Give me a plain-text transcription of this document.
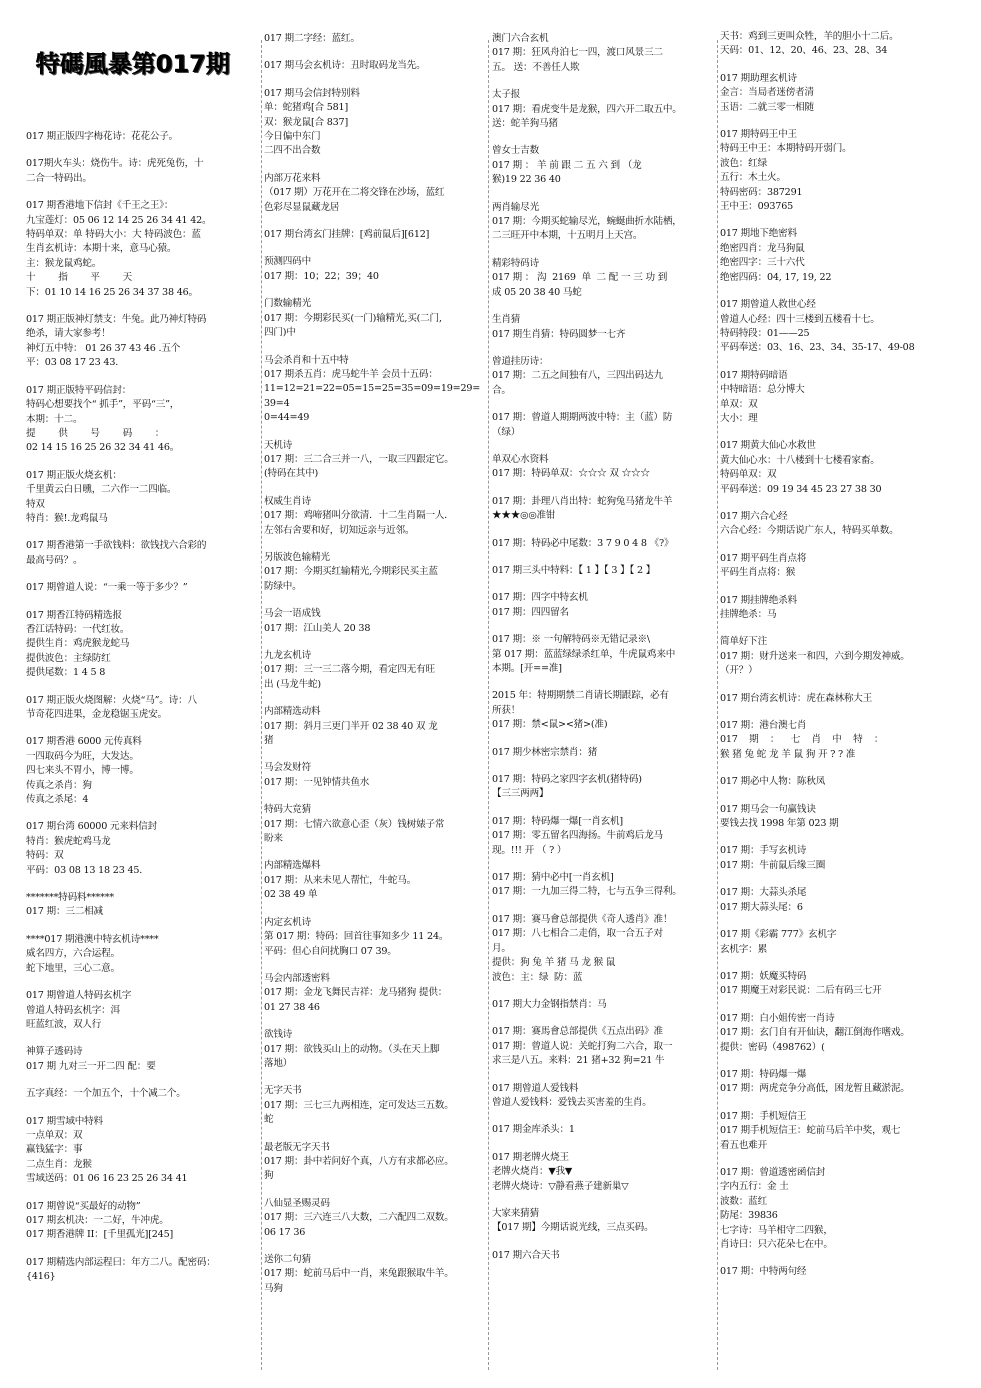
特碼風暴第017期
017 期正版四字梅花诗：花花公子。
017期火车头：烧伤牛。诗：虎死兔伤，十
二合一特码出。
017 期香港地下信封《千王之王》：
九宝莲灯：05 06 12 14 25 26 34 41 42。
特码单双：单 特码大小：大 特码波色：蓝
生肖玄机诗：本期十来，意马心猿。
主：猴龙鼠鸡蛇。
十        指        平        天
下：01 10 14 16 25 26 34 37 38 46。
017 期正版神灯禁支：牛兔。此乃神灯特码
绝杀，请大家参考！
神灯五中特： 01 26 37 43 46 .五个
平：03 08 17 23 43.
017 期正版特平码信封：
特码心想要找个“ 抓手”，平码“三”，
本期：十二。
提        供        号        码        ：
02 14 15 16 25 26 32 34 41 46。
017 期正版火烧玄机：
千里黄云白日曛，二六作一二四临。
特双
特肖：猴!.龙鸡鼠马
017 期香港第一手欲钱料：欲钱找六合彩的
最高号码？。
017 期曾道人说：“一乘一等于多少？”
017 期香江特码精选报
香江话特码：一代红妆。
提供生肖：鸡虎猴龙蛇马
提供波色：主绿防红
提供尾数：1 4 5 8
017 期正版火烧图解：火烧“马”。诗：八
节奇花四进果，金龙稳锯玉虎安。
017 期香港 6000 元传真料
一四取码今为旺，大发达。
四七来头不胃小，博一博。
传真之杀肖：狗
传真之杀尾：4
017 期台湾 60000 元来料信封
特肖：猴虎蛇鸡马龙
特码：双
平码：03 08 13 18 23 45.
*******特码料******
017 期：三二相减
****017 期港澳中特玄机诗****
威名四方，六合运程。
蛇下地里，三心二意。
017 期曾道人特码玄机字
曾道人特码玄机字：洱
旺蓝红波，双人行
神算子透码诗
017 期 九对三一开二四 配：要
五字真经：一个加五个，十个减二个。
017 期雪域中特料
一点单双：双
赢钱猛字：事
二点生肖：龙猴
雪域送码：01 06 16 23 25 26 34 41
017 期曾说“买最好的动物”
017 期玄机决：一二好，牛冲虎。
017 期香港牌 II：[千里孤光][245]
017 期精选内部运程曰：年方二八。配密码：
{416}
017 期二字经：蓝红。
017 期马会玄机诗：丑时取码龙当先。
017 期马会信封特别料
单：蛇猪鸡[合 581]
双：猴龙鼠[合 837]
今日偏中东门
二四不出合数
内部万花来料
（017 期）万花开在二将交锋在沙场，蓝红
色彩尽显鼠藏龙居
017 期台湾玄门挂牌：[鸡前鼠后][612]
预测四码中
017 期：10；22；39；40
门数输精光
017 期：今期彩民买(一门)输精光,买(二门,
四门)中
马会杀肖和十五中特
017 期杀五肖：虎马蛇牛羊 会员十五码：
11=12=21=22=05=15=25=35=09=19=29=39=4
0=44=49
天机诗
017 期：三二合三并一八，一取三四跟定它。
(特码在其中)
权威生肖诗
017 期：鸡啼猪叫分欲清．十二生肖隔一人．
左邻右舍要和好，切知远亲与近邻。
另版波色输精光
017 期：今期买红输精光,今期彩民买主蓝
防绿中。
马会一语成钱
017 期：江山美人 20 38
九龙玄机诗
017 期：三一三二落今期，看定四无有旺
出 (马龙牛蛇)
内部精选动料
017 期：斜月三更门半开 02 38 40 双 龙
猪
马会发财符
017 期：一见钟情共鱼水
特码大竞猜
017 期：七情六欲意心歪（灰）钱树婊子常
盼来
内部精选爆料
017 期：从来未见人帮忙，牛蛇马。
02 38 49 单
内定玄机诗
第 017 期：特码：回首往事知多少 11 24。
平码：但心自问扰胸口 07 39。
马会内部透密料
017 期：金龙飞舞民吉祥：龙马猪狗 提供：
01 27 38 46
欲钱诗
017 期：欲钱买山上的动物。（头在天上脚
落地）
无字天书
017 期：三七三九两相连，定可发达三五数。
蛇
最老版无字天书
017 期：卦中若问好个真，八方有求都必应。
狗
八仙显圣赐灵码
017 期：三六连三八大数，二六配四二双数。
06 17 36
送你二句猜
017 期：蛇前马后中一肖，来兔跟猴取牛羊。
马狗
澳门六合玄机
017 期：狂风舟泊七一四，渡口风景三二
五。 送：不善任人欺
太子报
017 期：看虎变牛是龙猴，四六开二取五中。
送：蛇羊狗马猪
曾女士吉数
017 期 ： 羊 前 跟 二 五 六 到 （龙
猴)19 22 36 40
两肖输尽光
017 期：今期买蛇输尽光，蜿蜒曲折水陆栖，
二三旺开中本期，十五明月上天宫。
精彩特码诗
017 期 ： 沟  2169  单  二 配 一 三 功 到
成 05 20 38 40 马蛇
生肖猜
017 期生肖猜：特码圆梦一七齐
曾道挂历诗：
017 期：二五之间独有八，三四出码达九
合。
017 期：曾道人期期两波中特：主（蓝）防
（绿）
单双心水资料
017 期：特码单双：☆☆☆ 双 ☆☆☆
017 期：卦理八肖出特：蛇狗兔马猪龙牛羊
★★★◎◎准钳
017 期：特码必中尾数：3 7 9 0 4 8 《?》
017 期三头中特料：【 1 】【 3 】【 2 】
017 期：四字中特玄机
017 期：四四留名
017 期：※ 一句解特码※无错记录※\
第 017 期：蓝蓝绿绿杀红单，牛虎鼠鸡来中
本期。[开==准]
2015 年：特期期禁二肖请长期跟踪，必有
所获！
017 期：禁<鼠><猪>(准)
017 期少林密宗禁肖：猪
017 期：特码之家四字玄机(猪特码)
【三三两两】
017 期：特码爆一爆[一肖玄机]
017 期：零五留名四海扬。牛前鸡后龙马
现。!!! 开 （ ? ）
017 期：猜中必中[一肖玄机]
017 期：一九加三得二特，七与五争三得利。
017 期：赛马會总部提供《奇人透肖》准！
017 期：八七相合二走俏，取一合五子对
月。
提供：狗 兔 羊 猪 马 龙 猴 鼠
波色：主：绿  防：蓝
017 期大力金钢指禁肖：马
017 期：赛馬會总部提供《五点出码》准
017 期：曾道人说：关蛇打狗二六合，取一
求三是八五。来料：21 猪+32 狗=21 牛
017 期曾道人爱钱料
曾道人爱钱料：爱钱去买害羞的生肖。
017 期金库杀头：1
017 期老牌火烧王
老牌火烧肖：▼我▼
老牌火烧诗：▽静看燕子建新巢▽
大家来猜猜
【017 期】今期话说光线，三点买码。
017 期六合天书
天书：鸡到三更叫众牲，羊的胆小十二后。
天码：01、12、20、46、23、28、34
017 期助理玄机诗
金言：当局者迷傍者清
玉语：二就三零一相随
017 期特码王中王
特码王中王：本期特码开弱门。
波色：红绿
五行：木土火。
特码密码：387291
王中王：093765
017 期地下绝密料
绝密四肖：龙马狗鼠
绝密四字：三十六代
绝密四码：04, 17, 19, 22
017 期曾道人救世心经
曾道人心经：四十三楼到五楼看十七。
特码特段：01——25
平码奉送：03、16、23、34、35-17、49-08
017 期特码暗语
中特暗语：总分博大
单双：双
大小：理
017 期黄大仙心水救世
黄大仙心水：十八楼到十七楼看家畜。
特码单双：双
平码奉送：09 19 34 45 23 27 38 30
017 期六合心经
六合心经：今期话说广东人，特码买单数。
017 期平码生肖点将
平码生肖点将：猴
017 期挂牌绝杀料
挂牌绝杀：马
简单好下注
017 期：财升送来一和四，六到今期发神威。
（开？）
017 期台湾玄机诗：虎在森林称大王
017 期：港台澳七肖
017    期    ：    七    肖    中    特    ：
猴 猪 兔 蛇 龙 羊 鼠 狗 开 ? ? 准
017 期必中人物：陈秋凤
017 期马会一句赢钱诀
要钱去找 1998 年第 023 期
017 期：手写玄机诗
017 期：牛前鼠后缘三圈
017 期：大蒜头杀尾
017 期大蒜头尾：6
017 期《彩霸 777》玄机字
玄机字：累
017 期：妖魔买特码
017 期魔王对彩民说：二后有码三七开
017 期：白小姐传密一肖诗
017 期：玄门自有开仙诀，翻江倒海作嗜戏。
提供：密码（498762）(
017 期：特码爆一爆
017 期：两虎竞争分高低，困龙暂且藏淤泥。
017 期：手机短信王
017 期手机短信王：蛇前马后羊中奖，观七
看五也难开
017 期：曾道透密函信封
字内五行：金 土
波数：蓝红
防尾：39836
七字诗：马羊相守二四猴，
肖诗曰：只六花朵七在中。
017 期：中特两句经
